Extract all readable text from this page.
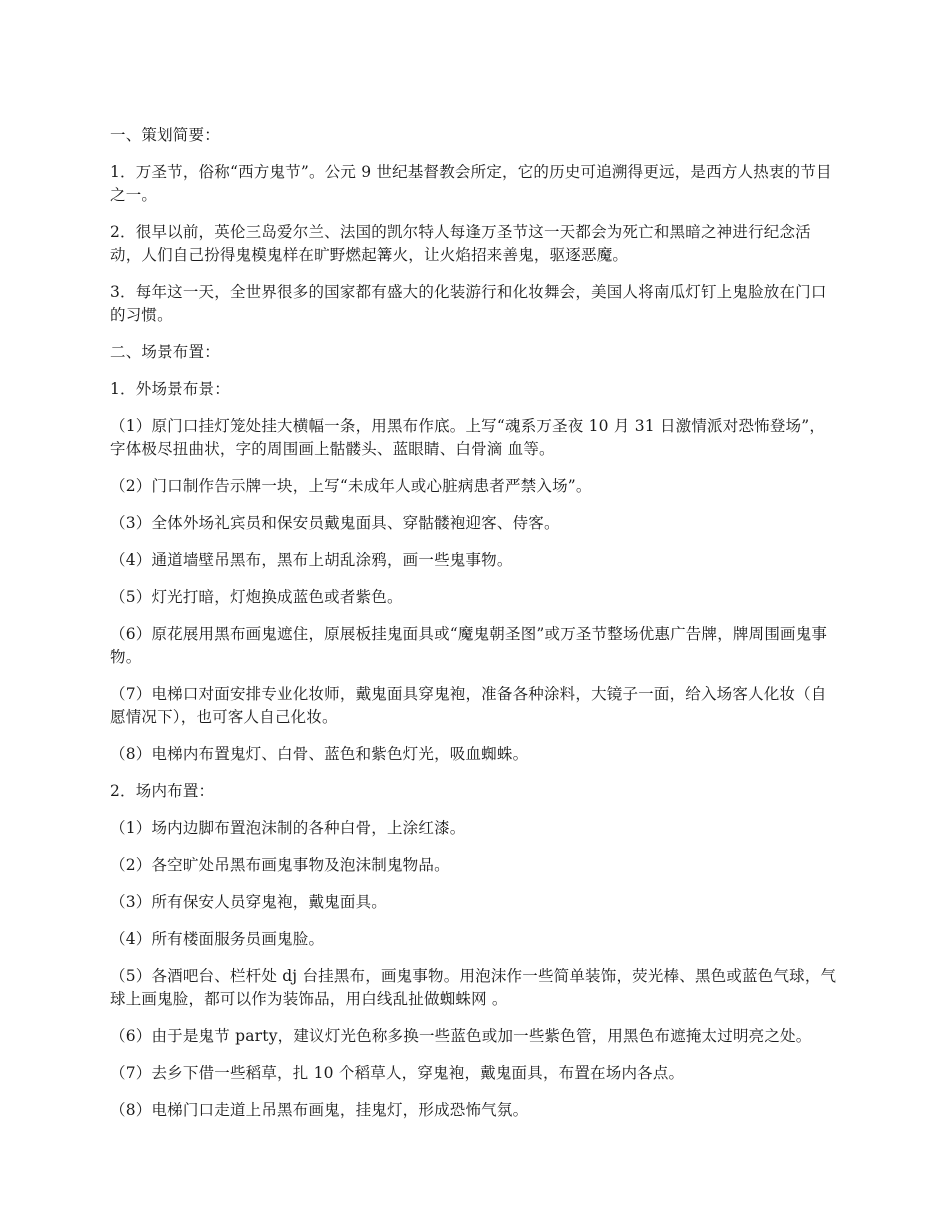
一、策划简要：

1．万圣节，俗称“西方鬼节”。公元 9 世纪基督教会所定，它的历史可追溯得更远，是西方人热衷的节目之一。

2．很早以前，英伦三岛爱尔兰、法国的凯尔特人每逢万圣节这一天都会为死亡和黑暗之神进行纪念活动，人们自己扮得鬼模鬼样在旷野燃起篝火，让火焰招来善鬼，驱逐恶魔。

3．每年这一天，全世界很多的国家都有盛大的化装游行和化妆舞会，美国人将南瓜灯钉上鬼脸放在门口的习惯。

二、场景布置：

1．外场景布景：

（1）原门口挂灯笼处挂大横幅一条，用黑布作底。上写“魂系万圣夜 10 月 31 日激情派对恐怖登场”，字体极尽扭曲状，字的周围画上骷髅头、蓝眼睛、白骨滴 血等。

（2）门口制作告示牌一块，上写“未成年人或心脏病患者严禁入场”。

（3）全体外场礼宾员和保安员戴鬼面具、穿骷髅袍迎客、侍客。

（4）通道墙壁吊黑布，黑布上胡乱涂鸦，画一些鬼事物。

（5）灯光打暗，灯炮换成蓝色或者紫色。

（6）原花展用黑布画鬼遮住，原展板挂鬼面具或“魔鬼朝圣图”或万圣节整场优惠广告牌，牌周围画鬼事物。

（7）电梯口对面安排专业化妆师，戴鬼面具穿鬼袍，准备各种涂料，大镜子一面，给入场客人化妆（自愿情况下），也可客人自己化妆。

（8）电梯内布置鬼灯、白骨、蓝色和紫色灯光，吸血蜘蛛。

2．场内布置：

（1）场内边脚布置泡沫制的各种白骨，上涂红漆。

（2）各空旷处吊黑布画鬼事物及泡沫制鬼物品。

（3）所有保安人员穿鬼袍，戴鬼面具。

（4）所有楼面服务员画鬼脸。

（5）各酒吧台、栏杆处 dj 台挂黑布，画鬼事物。用泡沫作一些简单装饰，荧光棒、黑色或蓝色气球，气球上画鬼脸，都可以作为装饰品，用白线乱扯做蜘蛛网 。

（6）由于是鬼节 party，建议灯光色称多换一些蓝色或加一些紫色管，用黑色布遮掩太过明亮之处。

（7）去乡下借一些稻草，扎 10 个稻草人，穿鬼袍，戴鬼面具，布置在场内各点。

（8）电梯门口走道上吊黑布画鬼，挂鬼灯，形成恐怖气氛。
